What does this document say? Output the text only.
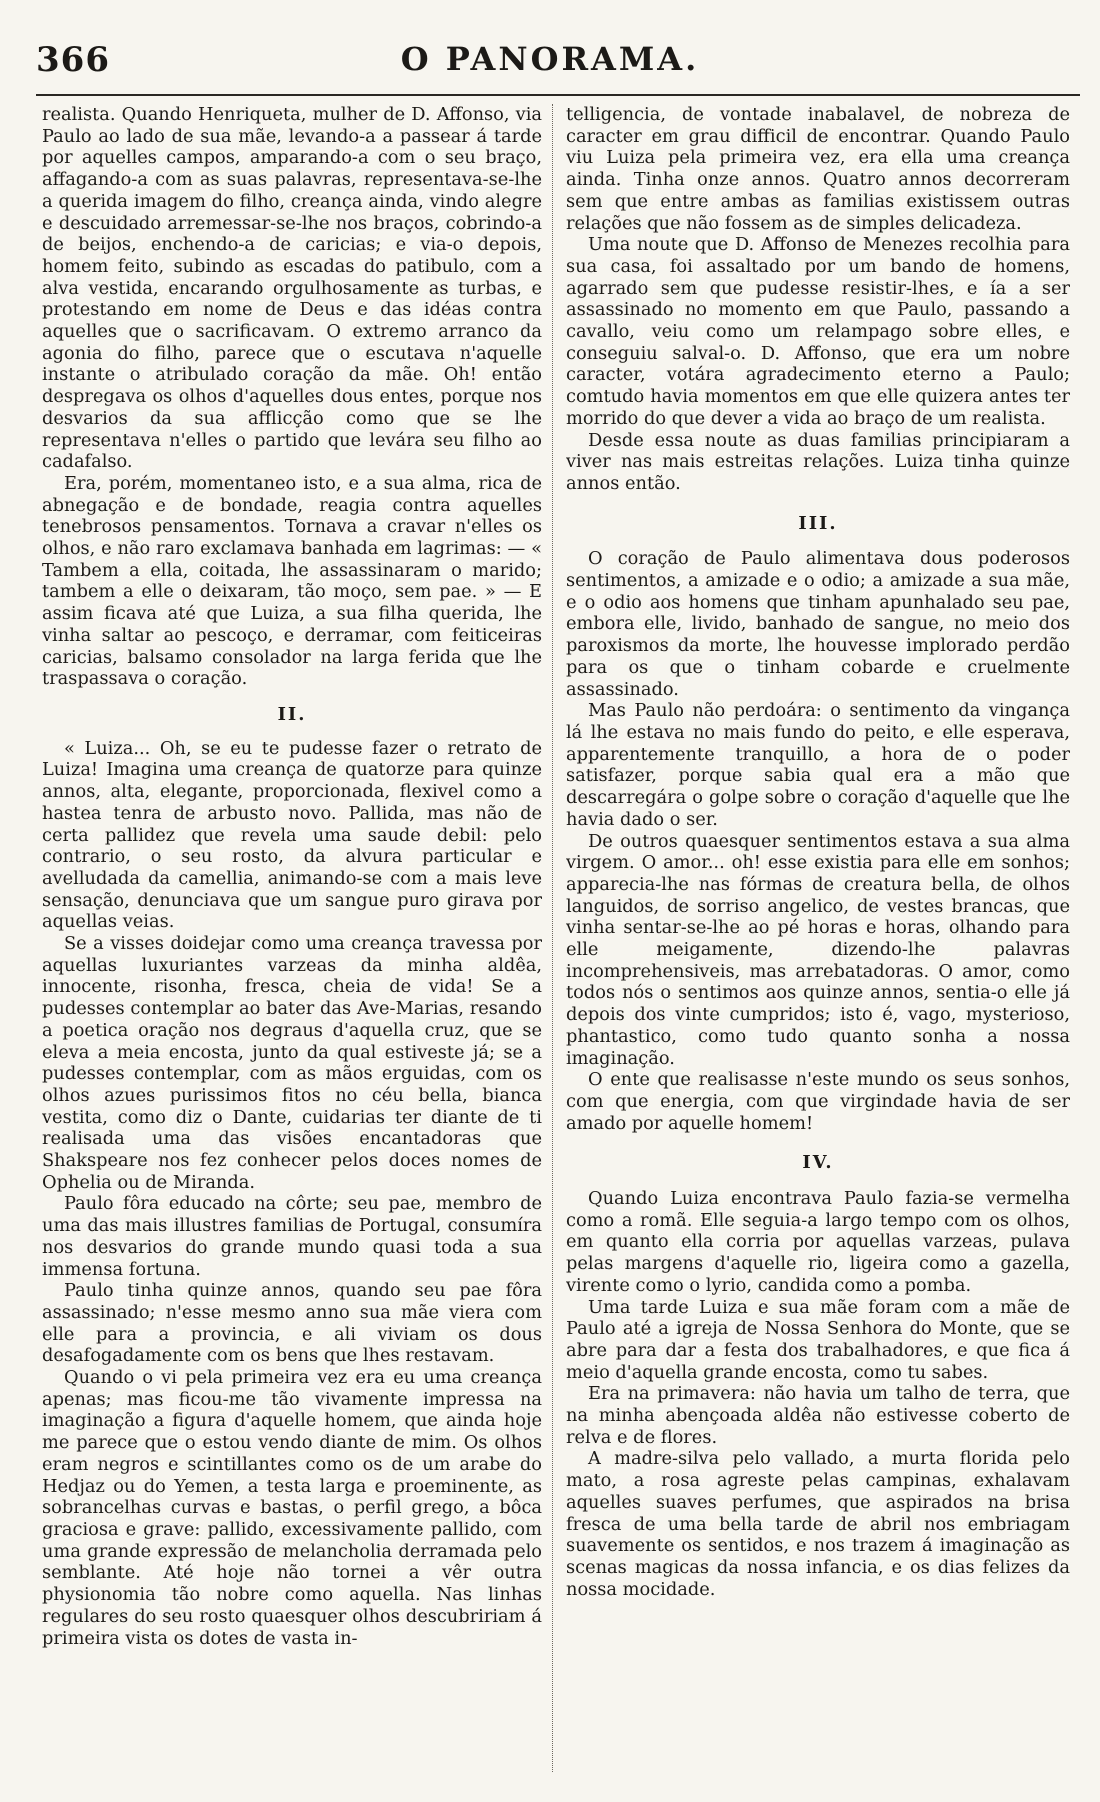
366	O PANORAMA.

realista. Quando Henriqueta, mulher de D. Affonso, via Paulo ao lado de sua mãe, levando-a a passear á tarde por aquelles campos, amparando-a com o seu braço, affagando-a com as suas palavras, representava-se-lhe a querida imagem do filho, creança ainda, vindo alegre e descuidado arremessar-se-lhe nos braços, cobrindo-a de beijos, enchendo-a de caricias; e via-o depois, homem feito, subindo as escadas do patibulo, com a alva vestida, encarando orgulhosamente as turbas, e protestando em nome de Deus e das idéas contra aquelles que o sacrificavam. O extremo arranco da agonia do filho, parece que o escutava n'aquelle instante o atribulado coração da mãe. Oh! então despregava os olhos d'aquelles dous entes, porque nos desvarios da sua afflicção como que se lhe representava n'elles o partido que levára seu filho ao cadafalso.

Era, porém, momentaneo isto, e a sua alma, rica de abnegação e de bondade, reagia contra aquelles tenebrosos pensamentos. Tornava a cravar n'elles os olhos, e não raro exclamava banhada em lagrimas: — « Tambem a ella, coitada, lhe assassinaram o marido; tambem a elle o deixaram, tão moço, sem pae. » — E assim ficava até que Luiza, a sua filha querida, lhe vinha saltar ao pescoço, e derramar, com feiticeiras caricias, balsamo consolador na larga ferida que lhe traspassava o coração.

II.

« Luiza... Oh, se eu te pudesse fazer o retrato de Luiza! Imagina uma creança de quatorze para quinze annos, alta, elegante, proporcionada, flexivel como a hastea tenra de arbusto novo. Pallida, mas não de certa pallidez que revela uma saude debil: pelo contrario, o seu rosto, da alvura particular e avelludada da camellia, animando-se com a mais leve sensação, denunciava que um sangue puro girava por aquellas veias.

Se a visses doidejar como uma creança travessa por aquellas luxuriantes varzeas da minha aldêa, innocente, risonha, fresca, cheia de vida! Se a pudesses contemplar ao bater das Ave-Marias, resando a poetica oração nos degraus d'aquella cruz, que se eleva a meia encosta, junto da qual estiveste já; se a pudesses contemplar, com as mãos erguidas, com os olhos azues purissimos fitos no céu bella, bianca vestita, como diz o Dante, cuidarias ter diante de ti realisada uma das visões encantadoras que Shakspeare nos fez conhecer pelos doces nomes de Ophelia ou de Miranda.

Paulo fôra educado na côrte; seu pae, membro de uma das mais illustres familias de Portugal, consumíra nos desvarios do grande mundo quasi toda a sua immensa fortuna.

Paulo tinha quinze annos, quando seu pae fôra assassinado; n'esse mesmo anno sua mãe viera com elle para a provincia, e ali viviam os dous desafogadamente com os bens que lhes restavam.

Quando o vi pela primeira vez era eu uma creança apenas; mas ficou-me tão vivamente impressa na imaginação a figura d'aquelle homem, que ainda hoje me parece que o estou vendo diante de mim. Os olhos eram negros e scintillantes como os de um arabe do Hedjaz ou do Yemen, a testa larga e proeminente, as sobrancelhas curvas e bastas, o perfil grego, a bôca graciosa e grave: pallido, excessivamente pallido, com uma grande expressão de melancholia derramada pelo semblante. Até hoje não tornei a vêr outra physionomia tão nobre como aquella. Nas linhas regulares do seu rosto quaesquer olhos descubririam á primeira vista os dotes de vasta in-

telligencia, de vontade inabalavel, de nobreza de caracter em grau difficil de encontrar. Quando Paulo viu Luiza pela primeira vez, era ella uma creança ainda. Tinha onze annos. Quatro annos decorreram sem que entre ambas as familias existissem outras relações que não fossem as de simples delicadeza.

Uma noute que D. Affonso de Menezes recolhia para sua casa, foi assaltado por um bando de homens, agarrado sem que pudesse resistir-lhes, e ía a ser assassinado no momento em que Paulo, passando a cavallo, veiu como um relampago sobre elles, e conseguiu salval-o. D. Affonso, que era um nobre caracter, votára agradecimento eterno a Paulo; comtudo havia momentos em que elle quizera antes ter morrido do que dever a vida ao braço de um realista.

Desde essa noute as duas familias principiaram a viver nas mais estreitas relações. Luiza tinha quinze annos então.

III.

O coração de Paulo alimentava dous poderosos sentimentos, a amizade e o odio; a amizade a sua mãe, e o odio aos homens que tinham apunhalado seu pae, embora elle, livido, banhado de sangue, no meio dos paroxismos da morte, lhe houvesse implorado perdão para os que o tinham cobarde e cruelmente assassinado.

Mas Paulo não perdoára: o sentimento da vingança lá lhe estava no mais fundo do peito, e elle esperava, apparentemente tranquillo, a hora de o poder satisfazer, porque sabia qual era a mão que descarregára o golpe sobre o coração d'aquelle que lhe havia dado o ser.

De outros quaesquer sentimentos estava a sua alma virgem. O amor... oh! esse existia para elle em sonhos; apparecia-lhe nas fórmas de creatura bella, de olhos languidos, de sorriso angelico, de vestes brancas, que vinha sentar-se-lhe ao pé horas e horas, olhando para elle meigamente, dizendo-lhe palavras incomprehensiveis, mas arrebatadoras. O amor, como todos nós o sentimos aos quinze annos, sentia-o elle já depois dos vinte cumpridos; isto é, vago, mysterioso, phantastico, como tudo quanto sonha a nossa imaginação.

O ente que realisasse n'este mundo os seus sonhos, com que energia, com que virgindade havia de ser amado por aquelle homem!

IV.

Quando Luiza encontrava Paulo fazia-se vermelha como a romã. Elle seguia-a largo tempo com os olhos, em quanto ella corria por aquellas varzeas, pulava pelas margens d'aquelle rio, ligeira como a gazella, virente como o lyrio, candida como a pomba.

Uma tarde Luiza e sua mãe foram com a mãe de Paulo até a igreja de Nossa Senhora do Monte, que se abre para dar a festa dos trabalhadores, e que fica á meio d'aquella grande encosta, como tu sabes.

Era na primavera: não havia um talho de terra, que na minha abençoada aldêa não estivesse coberto de relva e de flores.

A madre-silva pelo vallado, a murta florida pelo mato, a rosa agreste pelas campinas, exhalavam aquelles suaves perfumes, que aspirados na brisa fresca de uma bella tarde de abril nos embriagam suavemente os sentidos, e nos trazem á imaginação as scenas magicas da nossa infancia, e os dias felizes da nossa mocidade.
